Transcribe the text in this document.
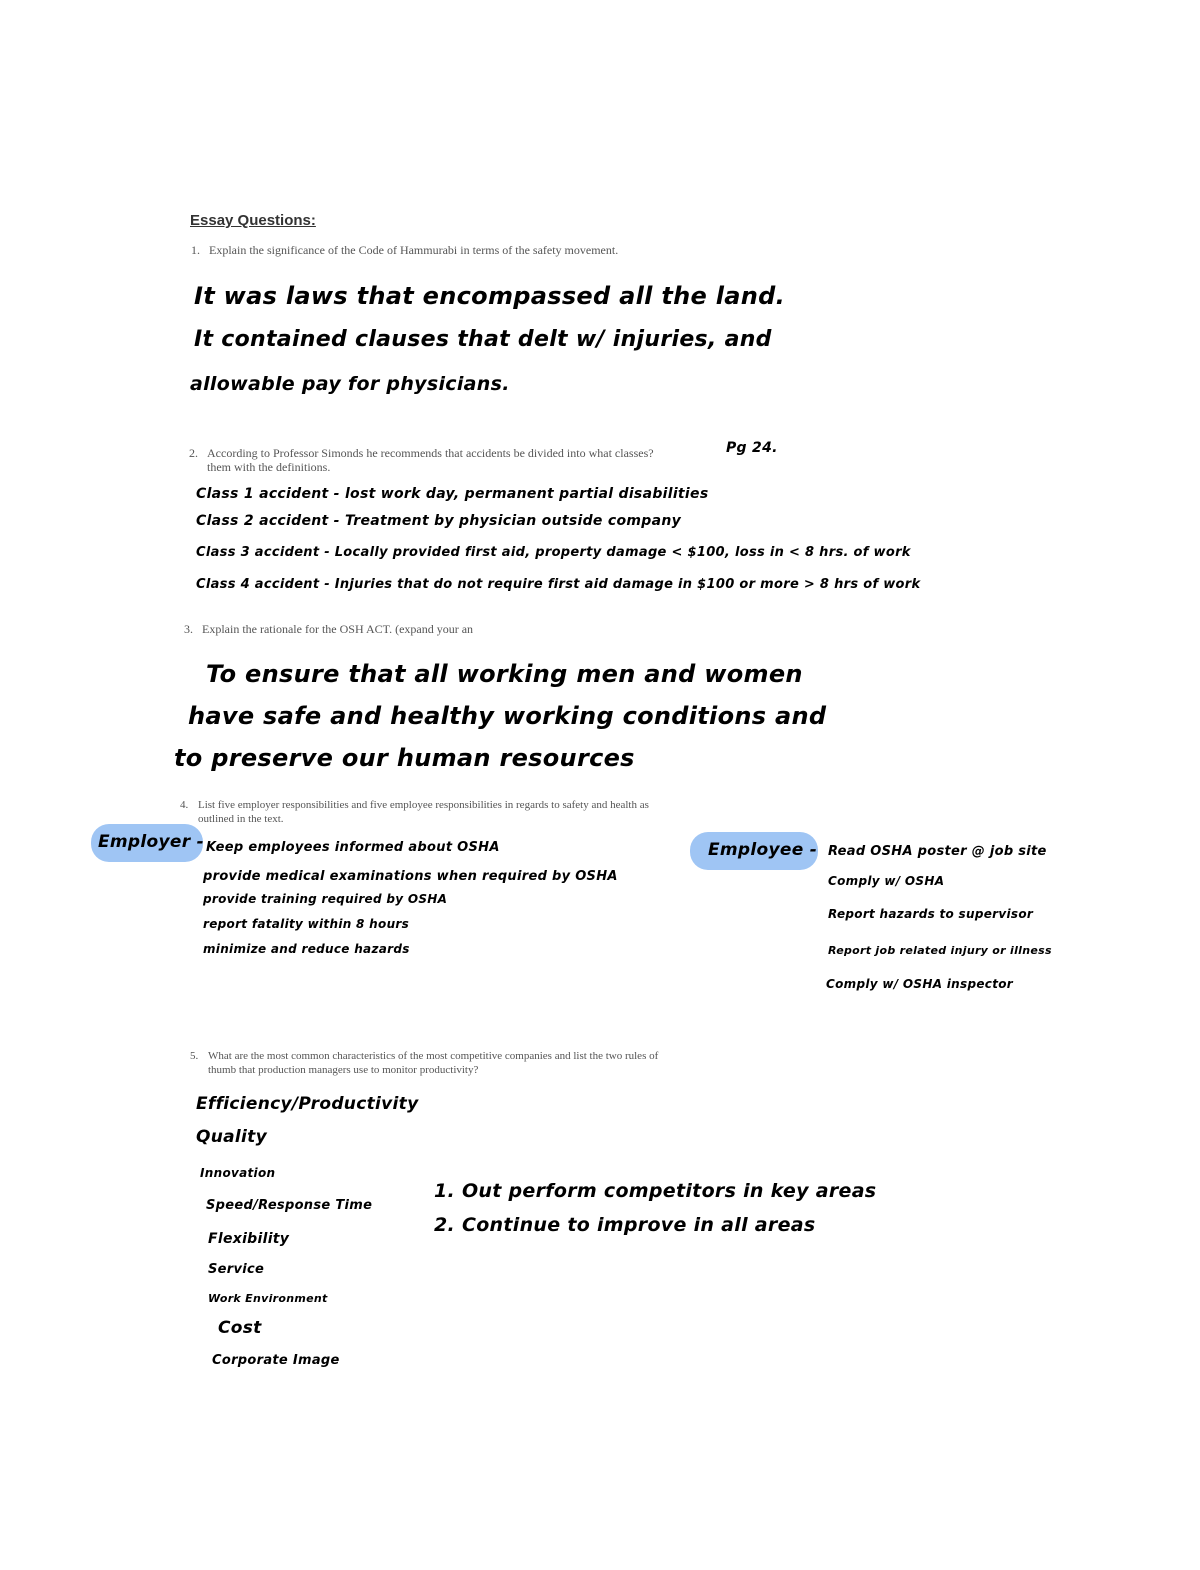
Essay Questions:
1. Explain the significance of the Code of Hammurabi in terms of the safety movement.
It was laws that encompassed all the land.
It contained clauses that delt w/ injuries, and
allowable pay for physicians.
2. According to Professor Simonds he recommends that accidents be divided into what classes?
them with the definitions.
Pg 24.
Class 1 accident - lost work day, permanent partial disabilities
Class 2 accident - Treatment by physician outside company
Class 3 accident - Locally provided first aid, property damage < $100, loss in < 8 hrs. of work
Class 4 accident - Injuries that do not require first aid damage in $100 or more > 8 hrs of work
3. Explain the rationale for the OSH ACT. (expand your an
To ensure that all working men and women
have safe and healthy working conditions and
to preserve our human resources
4. List five employer responsibilities and five employee responsibilities in regards to safety and health as
outlined in the text.
Employer - Keep employees informed about OSHA
provide medical examinations when required by OSHA
provide training required by OSHA
report fatality within 8 hours
minimize and reduce hazards
Employee - Read OSHA poster @ job site
Comply w/ OSHA
Report hazards to supervisor
Report job related injury or illness
Comply w/ OSHA inspector
5. What are the most common characteristics of the most competitive companies and list the two rules of
thumb that production managers use to monitor productivity?
Efficiency/Productivity
Quality
Innovation
Speed/Response Time
Flexibility
Service
Work Environment
Cost
Corporate Image
1. Out perform competitors in key areas
2. Continue to improve in all areas
